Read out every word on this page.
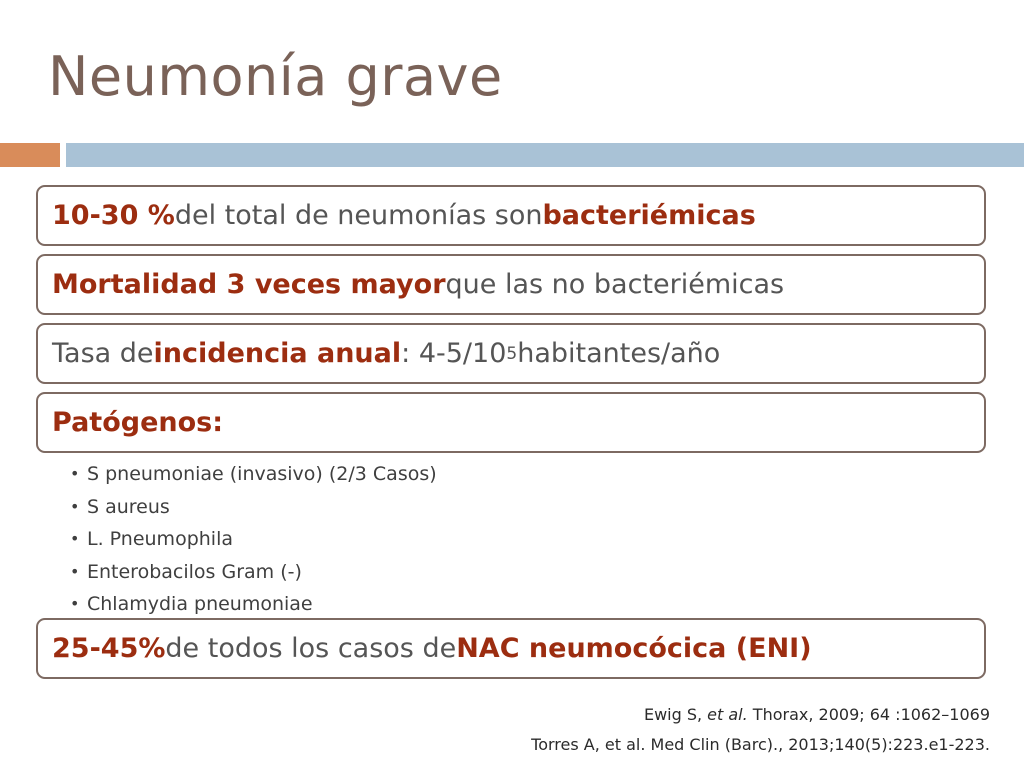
Neumonía grave
10-30 % del total de neumonías son bacteriémicas
Mortalidad 3 veces mayor que las no bacteriémicas
Tasa de incidencia anual : 4-5/10 5 habitantes/año
Patógenos:
• S pneumoniae (invasivo) (2/3 Casos)
• S aureus
• L. Pneumophila
• Enterobacilos Gram (-)
• Chlamydia pneumoniae
25-45% de todos los casos de NAC neumocócica (ENI)
Ewig S, et al. Thorax, 2009; 64 :1062–1069
Torres A, et al. Med Clin (Barc)., 2013;140(5):223.e1-223.
